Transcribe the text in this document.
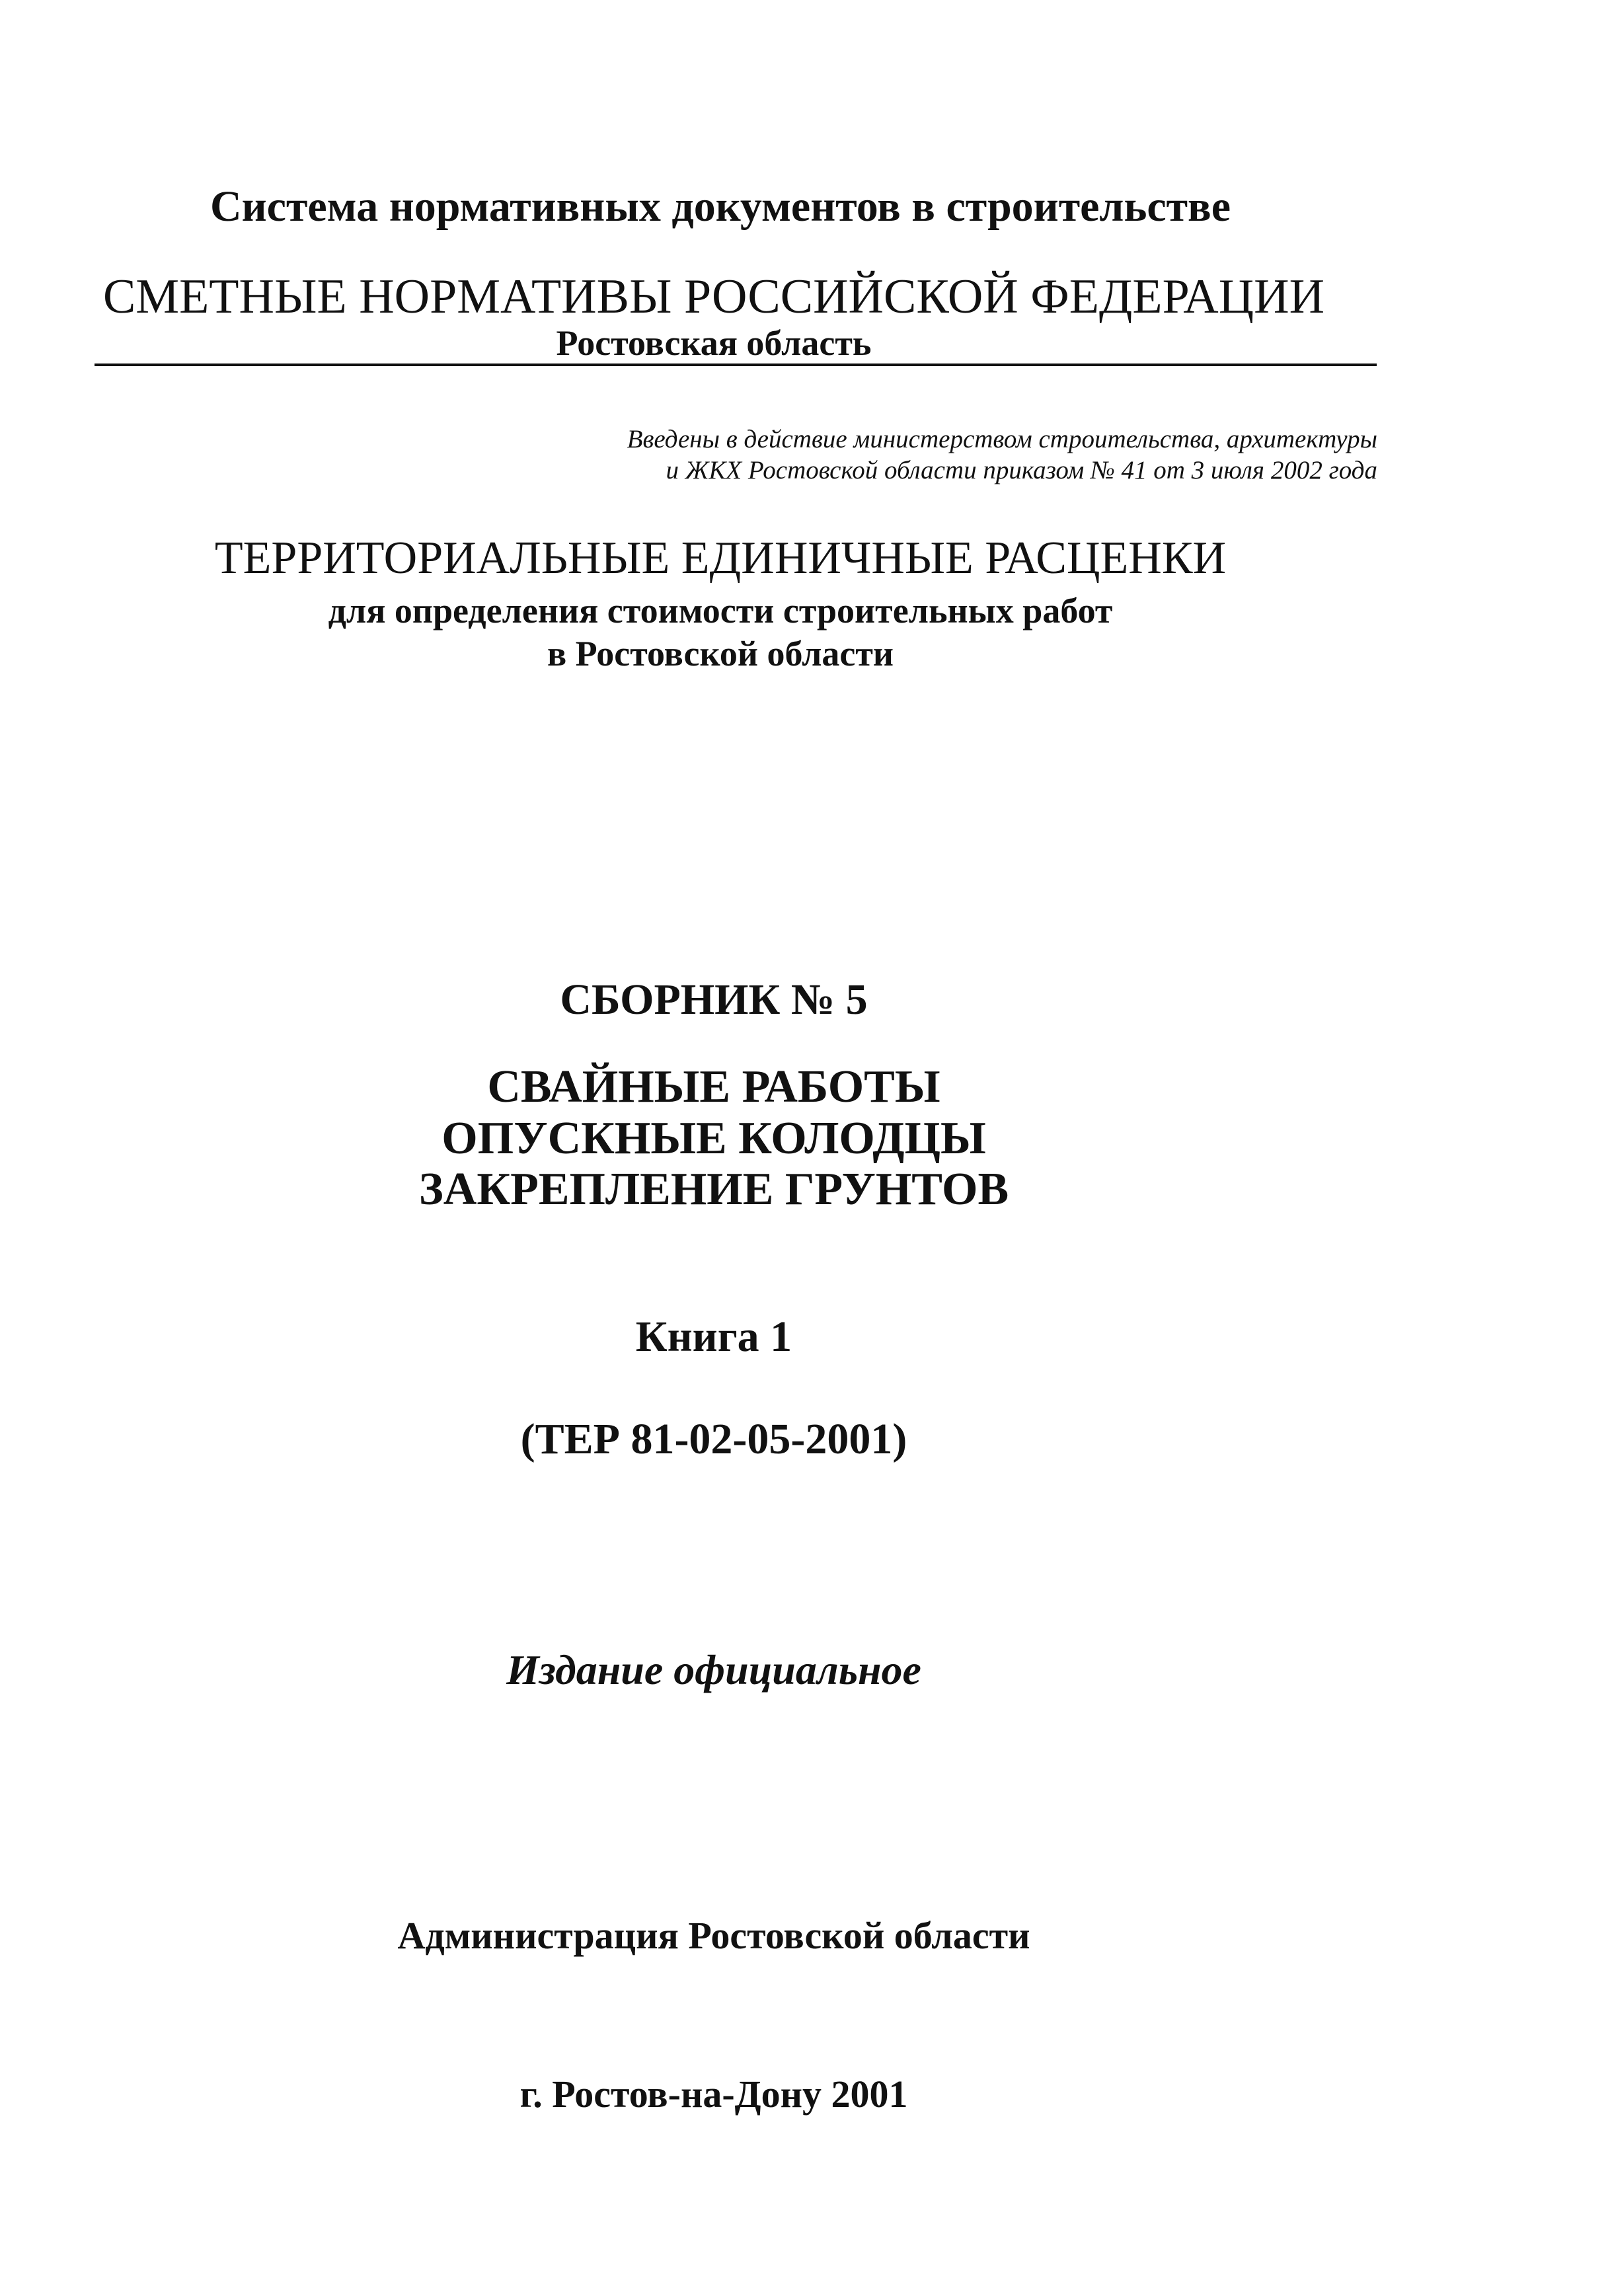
Система нормативных документов в строительстве
СМЕТНЫЕ НОРМАТИВЫ РОССИЙСКОЙ ФЕДЕРАЦИИ
Ростовская область
Введены в действие министерством строительства, архитектуры
и ЖКХ Ростовской области приказом № 41 от 3 июля 2002 года
ТЕРРИТОРИАЛЬНЫЕ ЕДИНИЧНЫЕ РАСЦЕНКИ
для определения стоимости строительных работ
в Ростовской области
СБОРНИК № 5
СВАЙНЫЕ РАБОТЫ
ОПУСКНЫЕ КОЛОДЦЫ
ЗАКРЕПЛЕНИЕ ГРУНТОВ
Книга 1
(ТЕР 81-02-05-2001)
Издание официальное
Администрация Ростовской области
г. Ростов-на-Дону 2001
